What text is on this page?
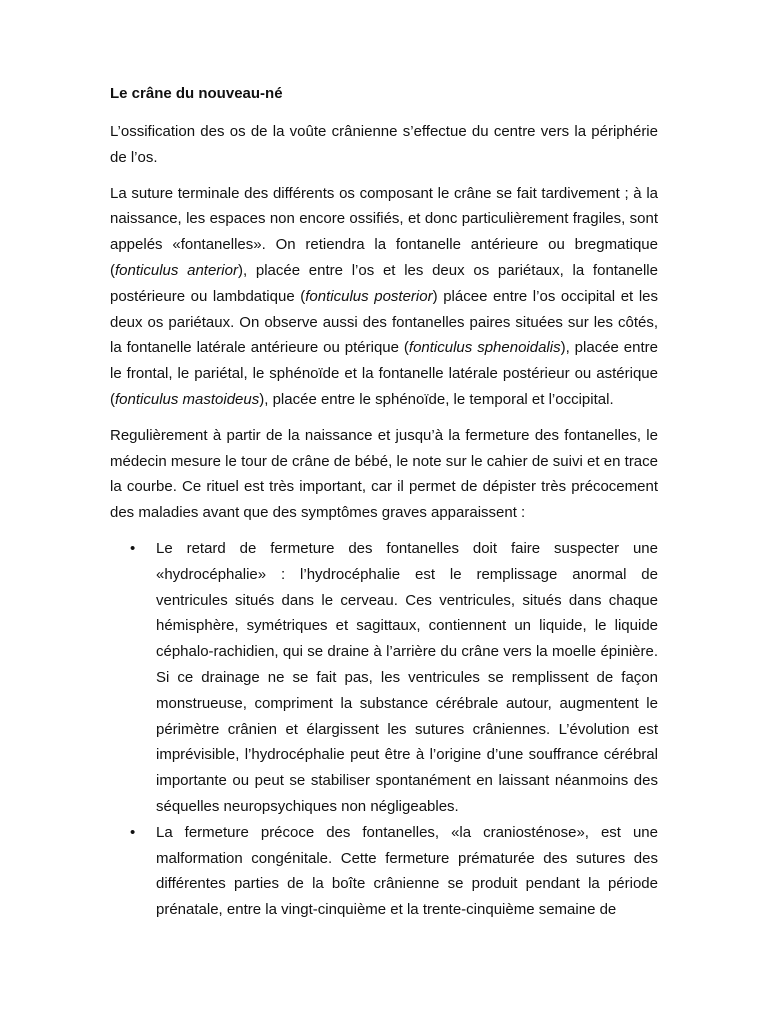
Le crâne du nouveau-né

L’ossification des os de la voûte crânienne s’effectue du centre vers la périphérie de l’os.

La suture terminale des différents os composant le crâne se fait tardivement ; à la naissance, les espaces non encore ossifiés, et donc particulièrement fragiles, sont appelés «fontanelles». On retiendra la fontanelle antérieure ou bregmatique (fonticulus anterior), placée entre l’os et les deux os pariétaux, la fontanelle postérieure ou lambdatique (fonticulus posterior) plácee entre l’os occipital et les deux os pariétaux. On observe aussi des fontanelles paires situées sur les côtés, la fontanelle latérale antérieure ou ptérique (fonticulus sphenoidalis), placée entre le frontal, le pariétal, le sphénoïde et la fontanelle latérale postérieur ou astérique (fonticulus mastoideus), placée entre le sphénoïde, le temporal et l’occipital.

Regulièrement à partir de la naissance et jusqu’à la fermeture des fontanelles, le médecin mesure le tour de crâne de bébé, le note sur le cahier de suivi et en trace la courbe. Ce rituel est très important, car il permet de dépister très précocement des maladies avant que des symptômes graves apparaissent :

• Le retard de fermeture des fontanelles doit faire suspecter une «hydrocéphalie» : l’hydrocéphalie est le remplissage anormal de ventricules situés dans le cerveau. Ces ventricules, situés dans chaque hémisphère, symétriques et sagittaux, contiennent un liquide, le liquide céphalo-rachidien, qui se draine à l’arrière du crâne vers la moelle épinière. Si ce drainage ne se fait pas, les ventricules se remplissent de façon monstrueuse, compriment la substance cérébrale autour, augmentent le périmètre crânien et élargissent les sutures crâniennes. L’évolution est imprévisible, l’hydrocéphalie peut être à l’origine d’une souffrance cérébral importante ou peut se stabiliser spontanément en laissant néanmoins des séquelles neuropsychiques non négligeables.
• La fermeture précoce des fontanelles, «la craniosténose», est une malformation congénitale. Cette fermeture prématurée des sutures des différentes parties de la boîte crânienne se produit pendant la période prénatale, entre la vingt-cinquième et la trente-cinquième semaine de
